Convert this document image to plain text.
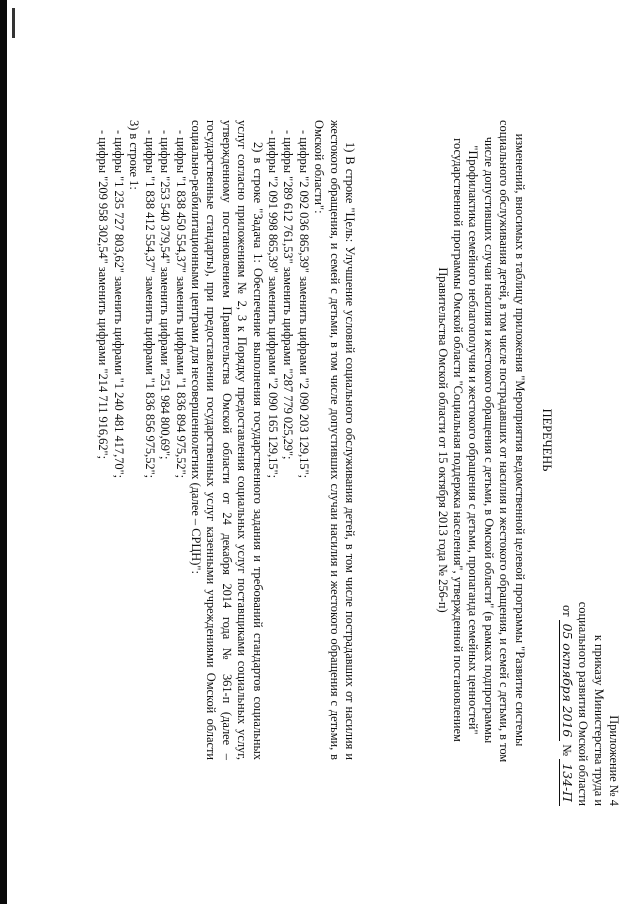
Приложение № 4
к приказу Министерства труда и
социального развития Омской области
от 05 октября 2016 № 134-П
ПЕРЕЧЕНЬ
изменений, вносимых в таблицу приложения "Мероприятия ведомственной целевой программы "Развитие системы
социального обслуживания детей, в том числе пострадавших от насилия и жестокого обращения, и семей с детьми, в том
числе допустивших случаи насилия и жестокого обращения с детьми, в Омской области" (в рамках подпрограммы
"Профилактика семейного неблагополучия и жестокого обращения с детьми, пропаганда семейных ценностей"
государственной программы Омской области "Социальная поддержка населения", утвержденной постановлением
Правительства Омской области от 15 октября 2013 года № 256-п)

1) В строке "Цель: Улучшение условий социального обслуживания детей, в том числе пострадавших от насилия и жестокого обращения, и семей с детьми, в том числе допустивших случаи насилия и жестокого обращения с детьми, в Омской области":

- цифры "2 092 036 865,39" заменить цифрами "2 090 203 129,15";

- цифры "289 612 761,53" заменить цифрами "287 779 025,29";

- цифры "2 091 998 865,39" заменить цифрами "2 090 165 129,15";

2) в строке "Задача 1: Обеспечение выполнения государственного задания и требований стандартов социальных услуг согласно приложениям № 2, 3 к Порядку предоставления социальных услуг поставщиками социальных услуг, утвержденному постановлением Правительства Омской области от 24 декабря 2014 года № 361-п (далее – государственные стандарты), при предоставлении государственных услуг казенными учреждениями Омской области социально-реабилитационными центрами для несовершеннолетних (далее – СРЦН)":

- цифры "1 838 450 554,37" заменить цифрами "1 836 894 975,52";

- цифры "253 540 379,54" заменить цифрами "251 984 800,69";

- цифры "1 838 412 554,37" заменить цифрами "1 836 856 975,52";

3) в строке 1:

- цифры "1 235 727 803,62" заменить цифрами "1 240 481 417,70";

- цифры "209 958 302,54" заменить цифрами "214 711 916,62";
